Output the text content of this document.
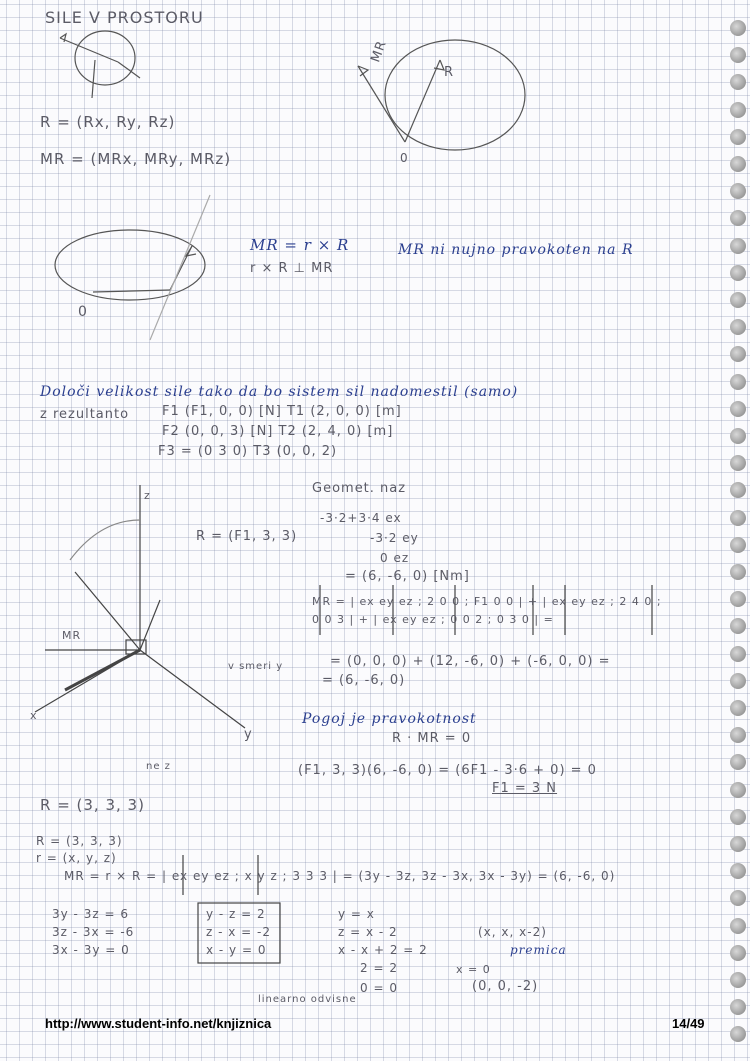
SILE V PROSTORU
R = (Rx, Ry, Rz)
MR = (MRx, MRy, MRz)
MR
R
0
0
MR = r × R
r × R ⊥ MR
MR ni nujno pravokoten na R
Določi velikost sile tako da bo sistem sil nadomestil (samo)
z rezultanto	F1 (F1, 0, 0) [N] T1 (2, 0, 0) [m]
F2 (0, 0, 3) [N] T2 (2, 4, 0) [m]
F3 = (0 3 0) T3 (0, 0, 2)
Geomet. naz
-3·2+3·4 ex
-3·2 ey
0 ez
= (6, -6, 0) [Nm]
MR = | ex ey ez ; 2 0 0 ; F1 0 0 | + | ex ey ez ; 2 4 0 ; 0 0 3 | + | ex ey ez ; 0 0 2 ; 0 3 0 | =
= (0, 0, 0) + (12, -6, 0) + (-6, 0, 0) =
= (6, -6, 0)
R = (F1, 3, 3)
Pogoj je pravokotnost
R · MR = 0
(F1, 3, 3)(6, -6, 0) = (6F1 - 3·6 + 0) = 0
F1 = 3 N
y
z
x
v smeri y
ne z
MR
R = (3, 3, 3)
R = (3, 3, 3)
r = (x, y, z)
MR = r × R = | ex ey ez ; x y z ; 3 3 3 | = (3y - 3z, 3z - 3x, 3x - 3y) = (6, -6, 0)
3y - 3z = 6
3z - 3x = -6
3x - 3y = 0
y - z = 2
z - x = -2
x - y = 0
y = x
z = x - 2
x - x + 2 = 2
2 = 2
0 = 0
(x, x, x-2)
premica
x = 0
(0, 0, -2)
linearno odvisne
http://www.student-info.net/knjiznica	14/49
